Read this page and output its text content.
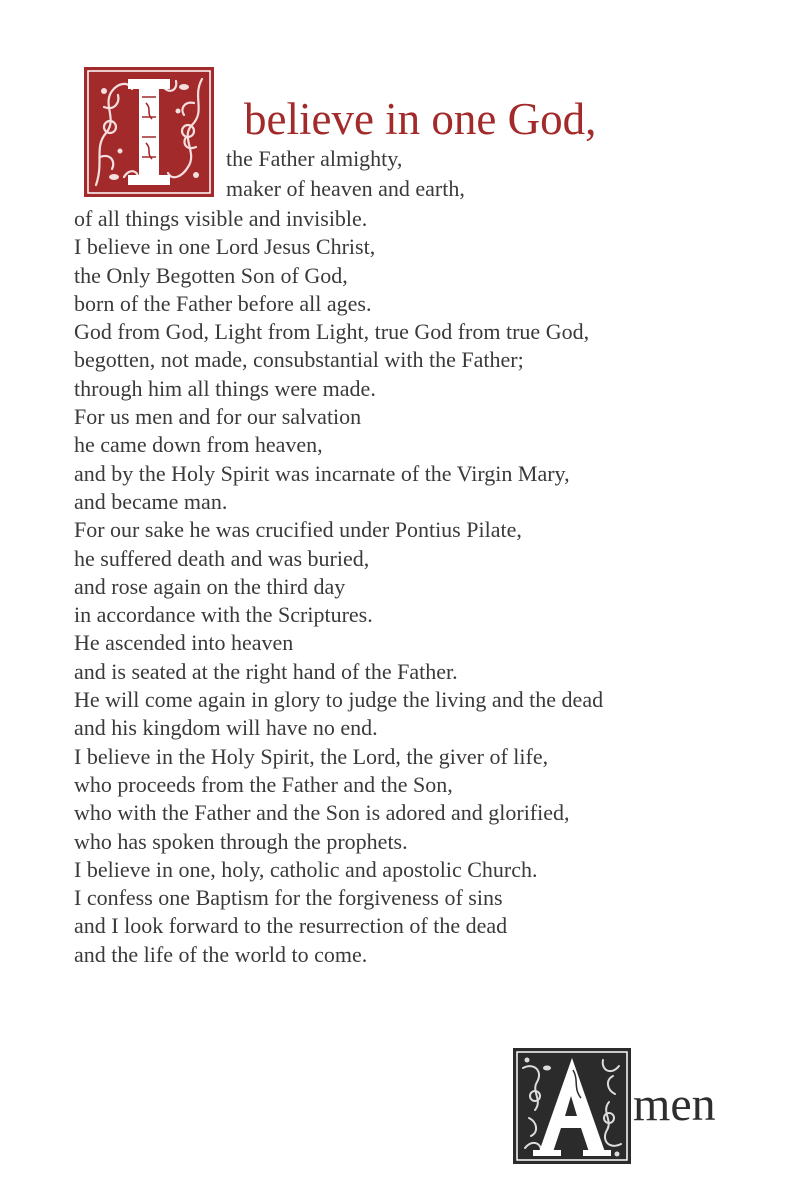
believe in one God,
the Father almighty,
maker of heaven and earth,
of all things visible and invisible.
I believe in one Lord Jesus Christ,
the Only Begotten Son of God,
born of the Father before all ages.
God from God, Light from Light, true God from true God,
begotten, not made, consubstantial with the Father;
through him all things were made.
For us men and for our salvation
he came down from heaven,
and by the Holy Spirit was incarnate of the Virgin Mary,
and became man.
For our sake he was crucified under Pontius Pilate,
he suffered death and was buried,
and rose again on the third day
in accordance with the Scriptures.
He ascended into heaven
and is seated at the right hand of the Father.
He will come again in glory to judge the living and the dead
and his kingdom will have no end.
I believe in the Holy Spirit, the Lord, the giver of life,
who proceeds from the Father and the Son,
who with the Father and the Son is adored and glorified,
who has spoken through the prophets.
I believe in one, holy, catholic and apostolic Church.
I confess one Baptism for the forgiveness of sins
and I look forward to the resurrection of the dead
and the life of the world to come.
men
